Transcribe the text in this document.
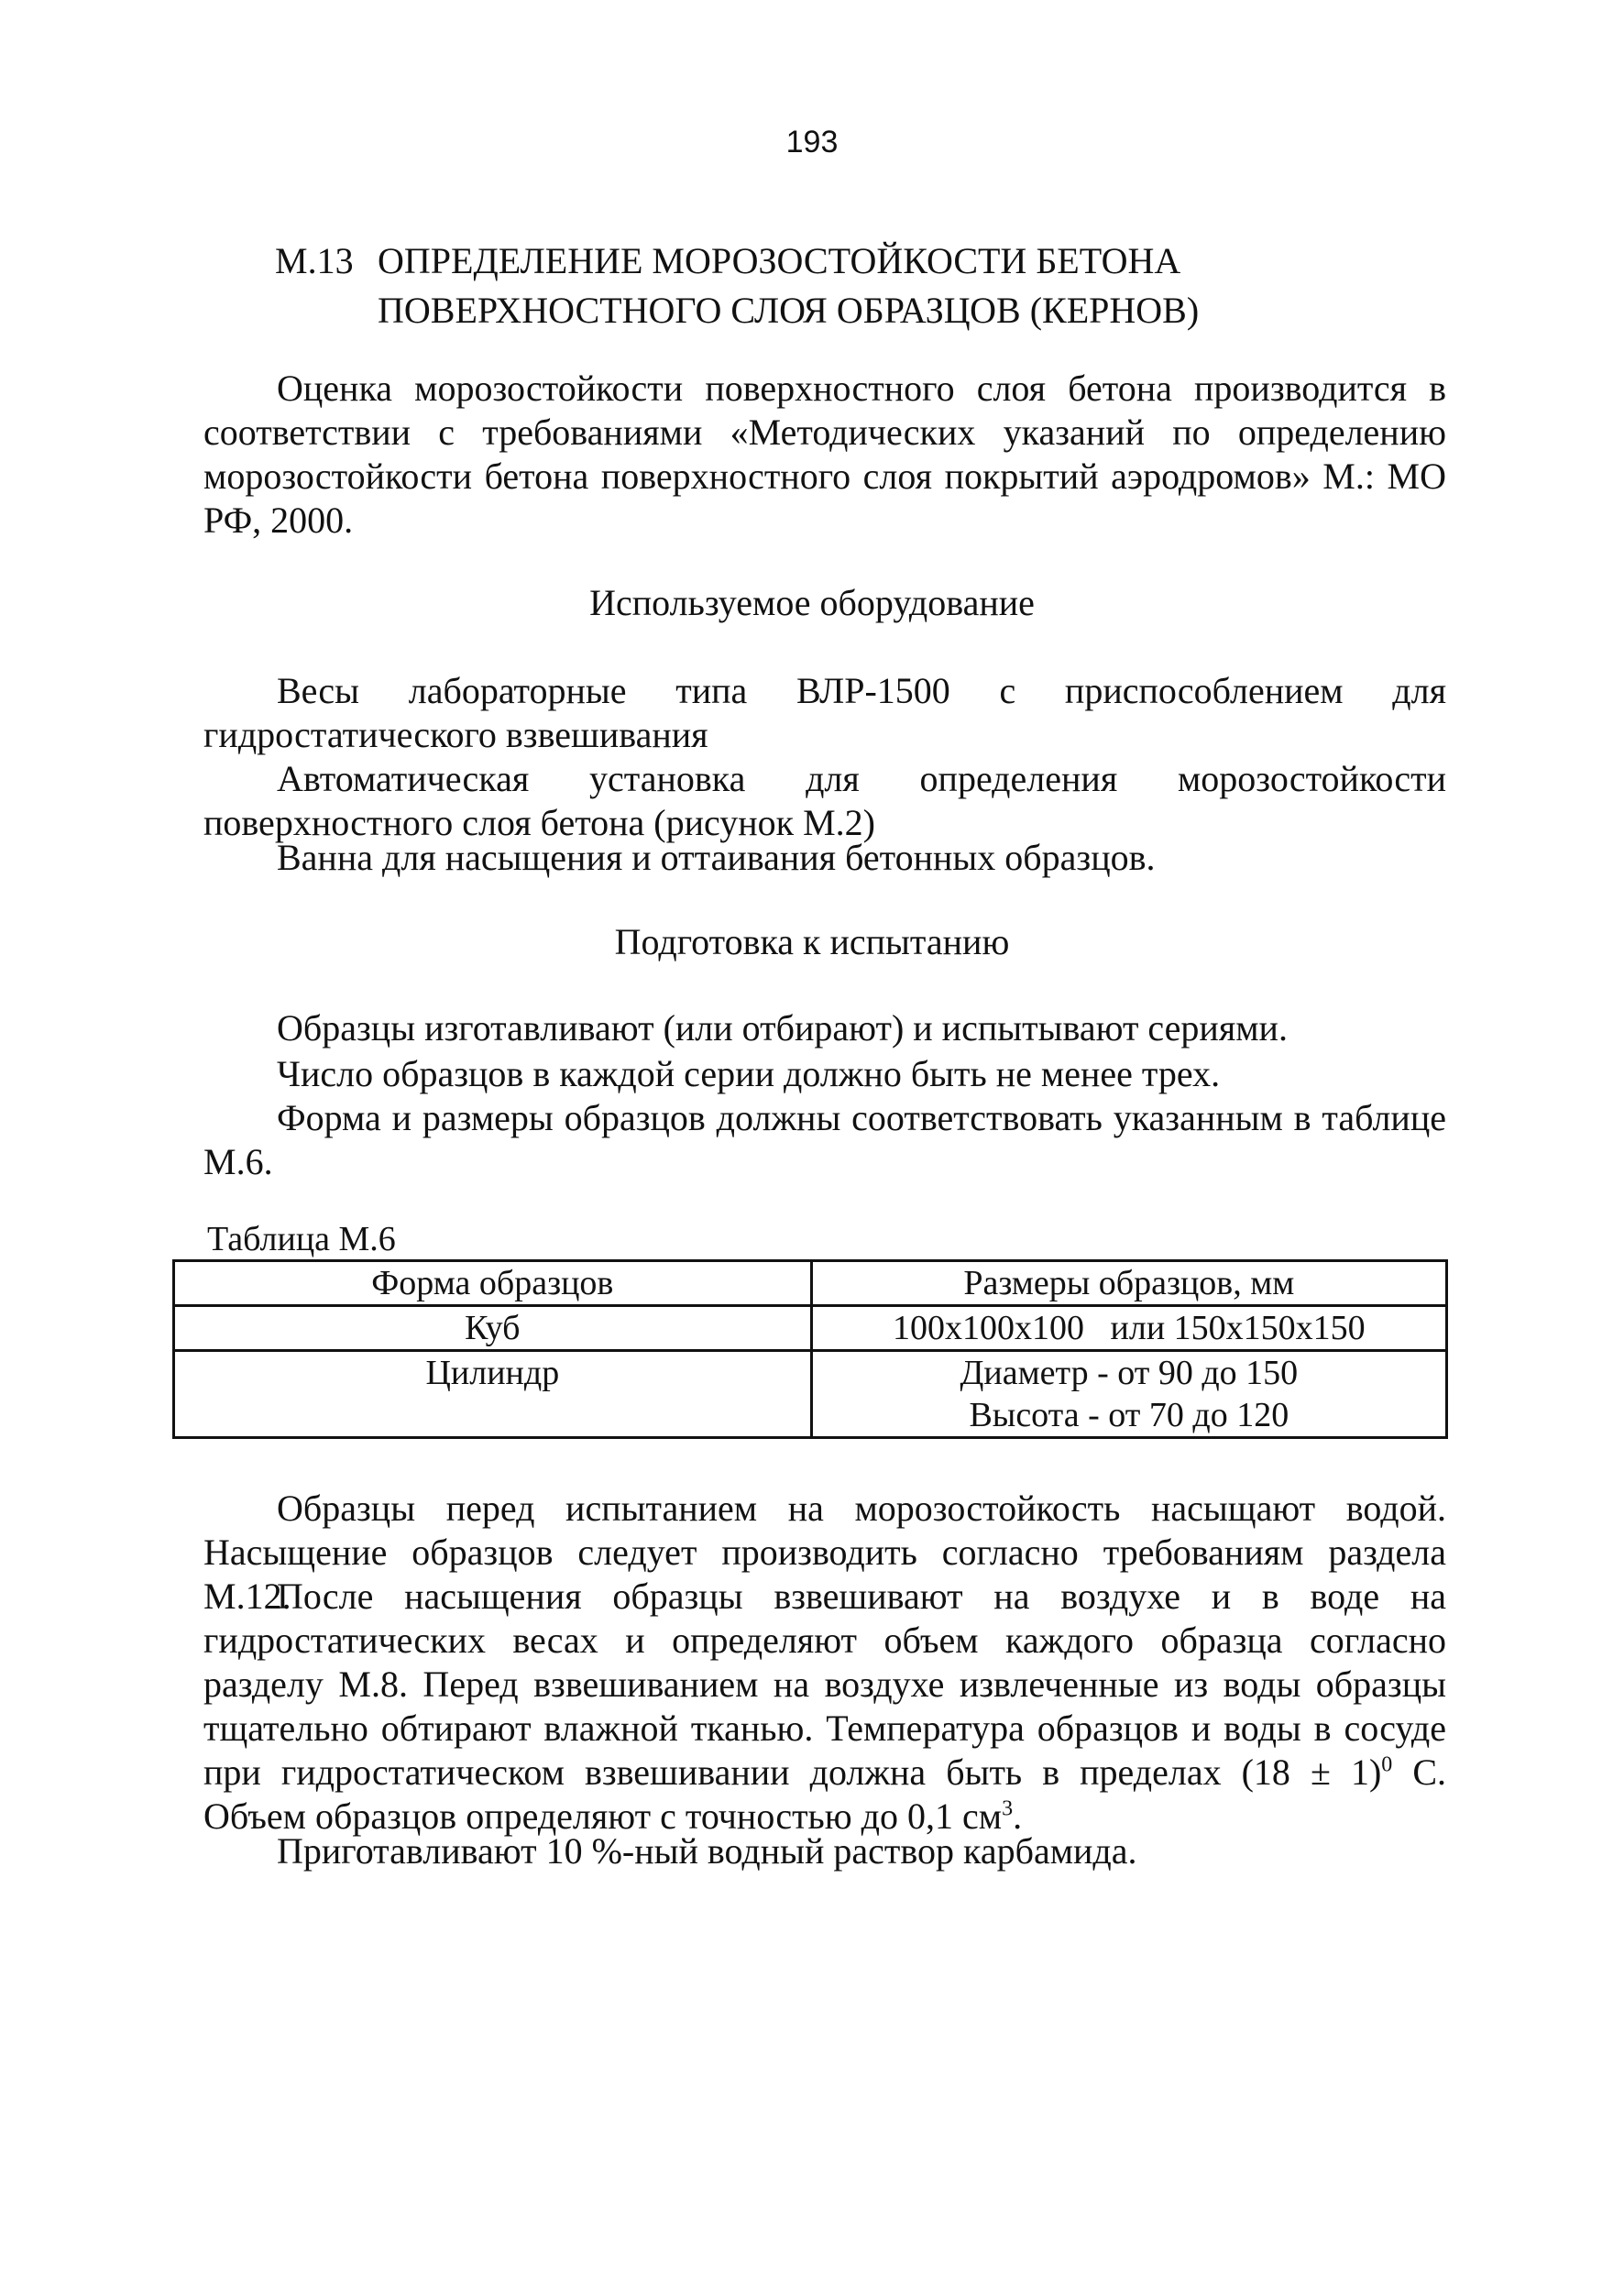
193
М.13 ОПРЕДЕЛЕНИЕ МОРОЗОСТОЙКОСТИ БЕТОНА
ПОВЕРХНОСТНОГО СЛОЯ ОБРАЗЦОВ (КЕРНОВ)
Оценка морозостойкости поверхностного слоя бетона производится в соответствии с требованиями «Методических указаний по определению морозостойкости бетона поверхностного слоя покрытий аэродромов» М.: МО РФ, 2000.
Используемое оборудование
Весы лабораторные типа ВЛР-1500 с приспособлением для гидростатического взвешивания
Автоматическая установка для определения морозостойкости поверхностного слоя бетона (рисунок М.2)
Ванна для насыщения и оттаивания бетонных образцов.
Подготовка к испытанию
Образцы изготавливают (или отбирают) и испытывают сериями.
Число образцов в каждой серии должно быть не менее трех.
Форма и размеры образцов должны соответствовать указанным в таблице М.6.
Таблица М.6
Форма образцов	Размеры образцов, мм
Куб	100x100x100   или 150x150x150
Цилиндр	Диаметр - от 90 до 150
Высота - от 70 до 120
Образцы перед испытанием на морозостойкость насыщают водой. Насыщение образцов следует производить согласно требованиям раздела М.12.
После насыщения образцы взвешивают на воздухе и в воде на гидростатических весах и определяют объем каждого образца согласно разделу М.8. Перед взвешиванием на воздухе извлеченные из воды образцы тщательно обтирают влажной тканью. Температура образцов и воды в сосуде при гидростатическом взвешивании должна быть в пределах $(18 \pm 1)^0$ С. Объем образцов определяют с точностью до 0,1 $см^3$.
Приготавливают 10 %-ный водный раствор карбамида.
